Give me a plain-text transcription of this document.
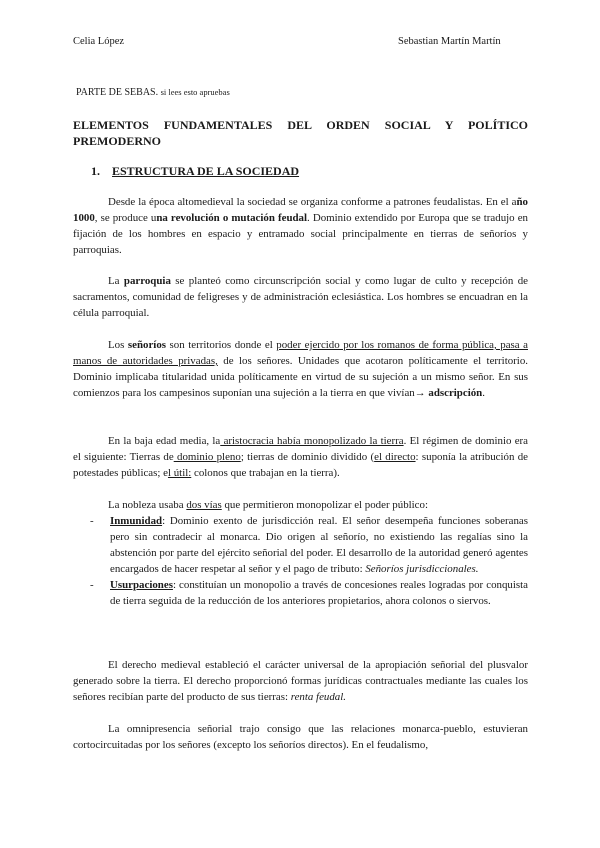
Celia López	Sebastian Martín Martín
PARTE DE SEBAS. si lees esto apruebas
ELEMENTOS FUNDAMENTALES DEL ORDEN SOCIAL Y POLÍTICO
PREMODERNO
1. ESTRUCTURA DE LA SOCIEDAD
Desde la época altomedieval la sociedad se organiza conforme a patrones feudalistas. En el año 1000, se produce una revolución o mutación feudal. Dominio extendido por Europa que se tradujo en fijación de los hombres en espacio y entramado social principalmente en tierras de señoríos y parroquias.
La parroquia se planteó como circunscripción social y como lugar de culto y recepción de sacramentos, comunidad de feligreses y de administración eclesiástica. Los hombres se encuadran en la célula parroquial.
Los señoríos son territorios donde el poder ejercido por los romanos de forma pública, pasa a manos de autoridades privadas, de los señores. Unidades que acotaron políticamente el territorio. Dominio implicaba titularidad unida políticamente en virtud de su sujeción a un mismo señor. En sus comienzos para los campesinos suponían una sujeción a la tierra en que vivían→ adscripción.
En la baja edad media, la aristocracia había monopolizado la tierra. El régimen de dominio era el siguiente: Tierras de dominio pleno; tierras de dominio dividido (el directo: suponía la atribución de potestades públicas; el útil: colonos que trabajan en la tierra).
La nobleza usaba dos vías que permitieron monopolizar el poder público:
- Inmunidad: Dominio exento de jurisdicción real. El señor desempeña funciones soberanas pero sin contradecir al monarca. Dio origen al señorío, no existiendo las regalías sino la abstención por parte del ejército señorial del poder. El desarrollo de la autoridad generó agentes encargados de hacer respetar al señor y el pago de tributo: Señoríos jurisdiccionales.
- Usurpaciones: constituían un monopolio a través de concesiones reales logradas por conquista de tierra seguida de la reducción de los anteriores propietarios, ahora colonos o siervos.
El derecho medieval estableció el carácter universal de la apropiación señorial del plusvalor generado sobre la tierra. El derecho proporcionó formas jurídicas contractuales mediante las cuales los señores recibían parte del producto de sus tierras: renta feudal.
La omnipresencia señorial trajo consigo que las relaciones monarca-pueblo, estuvieran cortocircuitadas por los señores (excepto los señoríos directos). En el feudalismo,
